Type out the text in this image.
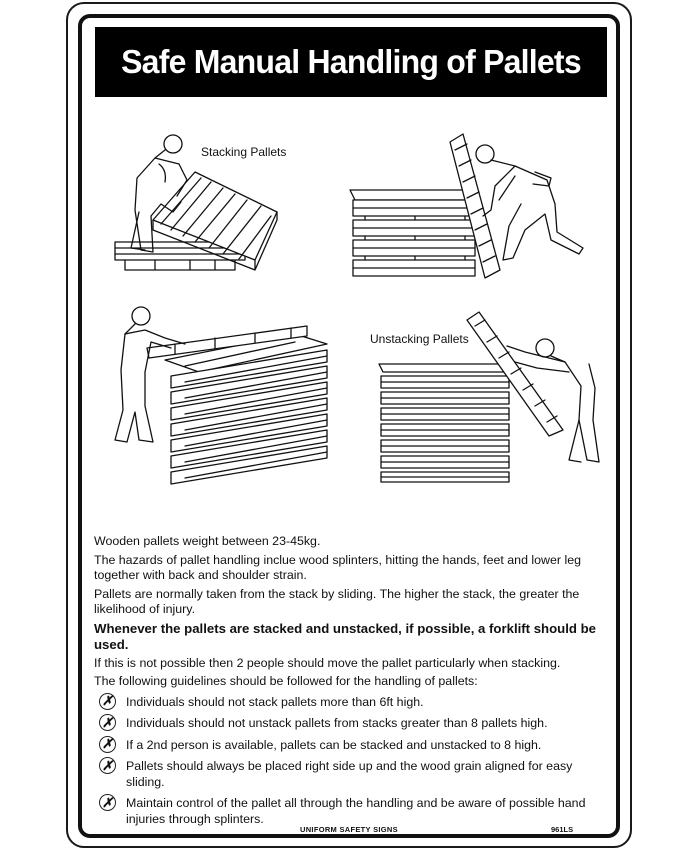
Safe Manual Handling of Pallets
Stacking Pallets
Unstacking Pallets

Wooden pallets weight between 23-45kg.

The hazards of pallet handling inclue wood splinters, hitting the hands, feet and lower leg together with back and shoulder strain.

Pallets are normally taken from the stack by sliding. The higher the stack, the greater the likelihood of injury.

Whenever the pallets are stacked and unstacked, if possible, a forklift should be used.

If this is not possible then 2 people should move the pallet particularly when stacking.

The following guidelines should be followed for the handling of pallets:

✗ Individuals should not stack pallets more than 6ft high.
✗ Individuals should not unstack pallets from stacks greater than 8 pallets high.
✗ If a 2nd person is available, pallets can be stacked and unstacked to 8 high.
✗ Pallets should always be placed right side up and the wood grain aligned for easy sliding.
✗ Maintain control of the pallet all through the handling and be aware of possible hand injuries through splinters.
UNIFORM SAFETY SIGNS	961LS
